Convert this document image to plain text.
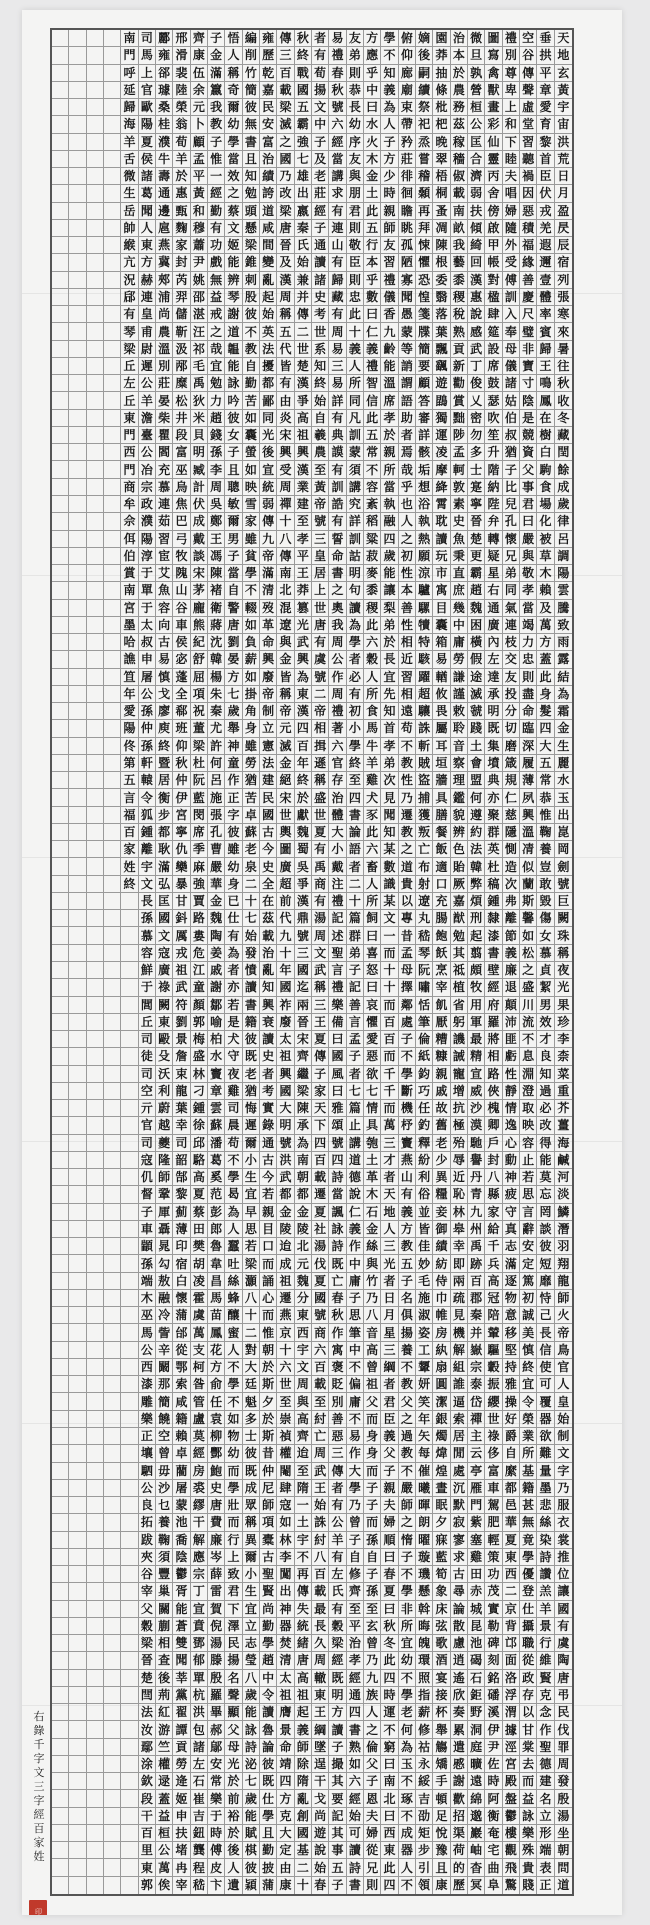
南 司 酈 邢 齊 子 悟 編 雍 傳 秋 者 易 友 方 學 俯 嫡 園 治 微 圖 禮 空 垂 天
門 馬 雍 滑 康 金 人 削 歷 三 終 有 禮 弟 應 不 仰 後 莽 本 旦 寫 別 谷 拱 地
呼 上 郤 裴 伍 滿 稱 竹 乾 百 戰 荀 春 則 乎 知 廊 嗣 抽 於 孰 禽 尊 傳 平 玄
延 官 璩 陸 余 籝 奇 簡 嘉 載 國 揚 秋 恭 中 義 廟 續 條 農 營 獸 卑 聲 章 黃
歸 歐 桑 榮 元 我 爾 彼 民 梁 五 文 號 長 曰 為 束 祭 枇 務 桓 畫 上 虛 愛 宇
海 陽 桂 翁 卜 教 幼 無 安 滅 霸 中 六 幼 水 人 帶 祀 杷 茲 公 彩 和 堂 育 宙
羊 夏 濮 荀 顧 子 學 書 富 之 強 子 經 序 火 子 矜 烝 晚 稼 匡 仙 下 習 黎 洪
舌 侯 牛 羊 孟 惟 當 且 治 國 七 及 當 友 木 方 莊 嘗 翠 穡 合 靈 睦 聽 首 荒
微 諸 壽 於 平 一 效 知 績 乃 雄 老 講 與 金 少 徘 稽 梧 俶 濟 丙 夫 禍 臣 日
生 葛 通 惠 黃 經 之 勉 誇 改 出 莊 求 朋 土 時 徊 顙 桐 載 弱 舍 唱 因 伏 月
岳 聞 邊 甄 和 勤 蔡 頭 道 梁 嬴 經 有 君 此 親 瞻 再 蚤 南 扶 傍 婦 惡 戎 盈
帥 人 扈 麴 穆 有 文 懸 咸 唐 秦 子 連 則 五 師 眺 拜 凋 畝 傾 啟 隨 積 羌 昃
緱 東 燕 家 蕭 功 姬 梁 間 晉 氏 通 山 敬 行 友 孤 悚 陳 我 綺 甲 外 福 遐 辰
亢 方 冀 封 尹 戲 能 錐 變 及 始 讀 有 臣 本 習 陋 懼 根 藝 回 帳 受 緣 邇 宿
況 赫 郟 芮 姚 無 辨 刺 亂 漢 兼 諸 歸 則 乎 禮 寡 恐 委 黍 漢 對 傅 善 壹 列
郈 連 浦 羿 邵 益 琴 股 起 周 并 史 藏 忠 數 儀 聞 惶 翳 稷 惠 楹 訓 慶 體 張
有 皇 尚 儲 湛 戒 謝 彼 始 稱 傳 考 有 此 曰 香 愚 箋 落 稅 說 肆 入 尺 率 寒
琴 甫 農 靳 汪 之 道 不 英 五 二 世 周 十 仁 九 蒙 牒 葉 熟 感 筵 奉 璧 賓 來
梁 尉 溫 汲 祁 哉 韞 教 法 代 世 系 易 義 義 齡 等 簡 飄 貢 武 設 母 非 歸 暑
丘 遲 別 邴 毛 宜 能 自 擾 皆 楚 知 三 人 禮 能 誚 要 颻 新 丁 席 儀 寶 王 往
左 公 莊 糜 禹 勉 詠 勤 都 有 漢 終 易 所 智 溫 謂 顧 遊 勸 俊 鼓 諸 寸 鳴 秋
丘 羊 晏 松 狄 力 吟 苦 鄙 由 爭 始 詳 同 信 席 語 答 鵾 賞 乂 瑟 姑 陰 鳳 收
東 澹 柴 井 米 趙 彼 如 同 炎 高 自 有 凡 此 孝 助 審 獨 黜 密 吹 伯 是 在 冬
門 臺 瞿 段 貝 錢 女 囊 光 宋 祖 羲 典 訓 五 於 者 詳 運 陟 勿 笙 叔 競 樹 藏
西 公 閻 富 明 孫 子 螢 後 興 興 農 謨 蒙 常 親 焉 骸 凌 孟 多 升 猶 資 白 閏
門 冶 充 巫 臧 李 且 如 宣 受 漢 至 有 須 不 所 哉 垢 摩 軻 士 階 子 父 駒 餘
商 宗 慕 烏 計 周 聰 映 統 周 業 黃 訓 講 容 當 乎 想 絳 敦 寔 納 比 事 食 成
牟 政 連 焦 伏 吳 敏 雪 弱 禪 建 帝 誥 究 紊 執 也 浴 霄 素 寧 陛 兒 君 場 歲
佘 濮 茹 巴 成 鄭 爾 家 傳 十 至 號 有 詳 稻 融 人 執 耽 史 晉 弁 孔 曰 化 律
佴 陽 習 弓 戴 王 男 雖 九 八 孝 三 誓 訓 粱 四 之 熱 讀 魚 楚 轉 懷 嚴 被 呂
伯 淳 宦 牧 談 馮 子 貧 帝 傳 平 皇 命 詁 菽 歲 初 願 玩 秉 更 疑 兄 與 草 調
賞 于 艾 隗 宋 陳 當 學 滿 南 王 居 書 明 麥 能 性 涼 市 直 霸 星 弟 敬 木 陽
南 單 魚 山 茅 褚 自 不 清 北 莽 上 之 句 黍 讓 本 驢 寓 庶 趙 右 同 孝 賴 雲
宮 于 容 谷 龐 衛 警 輟 歿 混 篡 世 奧 讀 稷 梨 善 騾 目 幾 魏 通 氣 當 及 騰
墨 太 向 車 熊 蔣 唐 如 革 遼 光 唐 我 為 此 弟 性 犢 囊 中 困 廣 連 竭 萬 致
哈 叔 古 侯 紀 沈 劉 負 命 與 武 有 周 學 六 於 相 特 箱 庸 橫 內 枝 力 方 雨
譙 申 易 宓 舒 韓 晏 薪 興 金 興 虞 公 者 穀 長 近 駭 易 勞 假 左 交 忠 蓋 露
笪 屠 慎 蓬 屈 楊 方 如 廢 皆 為 號 作 必 人 宜 習 躍 輶 謙 途 達 友 則 此 結
年 公 戈 全 項 朱 七 掛 帝 稱 東 二 周 有 所 先 相 超 攸 謹 滅 承 投 盡 身 為
愛 孫 廖 郗 祝 秦 歲 角 制 帝 漢 帝 禮 初 食 知 遠 驤 畏 敕 虢 明 分 命 髮 霜
陽 仲 庾 班 董 尤 舉 身 立 元 四 相 著 小 馬 首 苟 誅 屬 聆 踐 既 切 臨 四 金
佟 孫 終 仰 梁 許 神 雖 憲 滅 百 揖 六 學 牛 孝 不 斬 耳 音 土 集 磨 深 大 生
第 軒 暨 秋 杜 何 童 勞 法 金 年 遜 官 終 羊 弟 教 賊 垣 察 會 墳 箴 履 五 麗
五 轅 居 仲 阮 呂 作 猶 建 絕 終 稱 存 至 雞 次 性 盜 牆 理 盟 典 規 薄 常 水
言 令 衡 伊 藍 施 正 苦 民 宋 於 盛 治 四 犬 見 乃 捕 具 鑑 何 亦 仁 夙 恭 玉
福 狐 步 宮 閔 張 字 卓 國 世 獻 世 體 書 豕 聞 遷 獲 膳 貌 遵 聚 慈 興 惟 出
百 鍾 都 寧 席 孔 彼 蘇 古 輿 魏 夏 大 論 此 知 教 叛 餐 辨 約 群 隱 溫 鞠 崑
家 離 耿 仇 季 曹 雖 老 今 圖 蜀 有 小 語 六 某 之 亡 飯 色 法 英 惻 凊 養 岡
姓 宇 滿 欒 麻 嚴 幼 泉 史 廣 吳 禹 戴 者 畜 數 道 布 適 貽 韓 杜 造 似 豈 劍
終 文 弘 暴 強 華 身 二 全 超 爭 商 注 二 人 識 貴 射 口 厥 弊 稿 次 蘭 敢 號
長 匡 甘 賈 金 已 十 在 前 漢 有 禮 十 所 某 以 遼 充 嘉 煩 鍾 弗 斯 毀 巨
孫 國 鈄 路 魏 仕 七 茲 代 鼎 湯 記 篇 飼 文 專 丸 腸 猷 刑 隸 離 馨 傷 闕
慕 文 厲 婁 陶 有 始 載 九 號 周 述 群 曰 一 昔 嵇 飽 勉 起 漆 節 如 女 珠
容 寇 戎 危 姜 為 發 治 十 三 文 聖 弟 喜 而 孟 琴 飫 其 翦 書 義 松 慕 稱
鮮 廣 祖 江 戚 者 憤 亂 年 國 武 言 子 怒 十 母 阮 烹 祗 頗 壁 廉 之 貞 夜
于 祿 武 童 謝 亦 讀 知 國 迄 稱 禮 記 曰 十 擇 嘯 宰 植 牧 經 退 盛 絜 光
閭 闕 符 顏 鄒 若 書 興 祚 兩 三 樂 善 哀 而 鄰 恬 飢 省 用 府 顛 川 男 果
丘 東 劉 郭 喻 是 籍 衰 廢 晉 王 備 言 懼 百 處 筆 厭 躬 軍 羅 沛 流 效 珍
司 毆 景 梅 柏 犬 彼 讀 太 宋 夏 曰 孟 愛 百 子 倫 糟 譏 最 將 匪 不 才 李
徒 殳 詹 盛 水 守 既 史 祖 齊 傳 國 子 惡 而 不 紙 糠 誡 精 相 虧 息 良 柰
司 沃 束 林 竇 夜 老 者 興 繼 子 風 者 欲 千 學 鈞 親 寵 宣 路 性 淵 知 菜
空 利 龍 刁 章 雞 猶 考 國 梁 家 曰 七 七 千 斷 巧 戚 增 威 俠 靜 澄 過 重
亓 蔚 葉 鍾 雲 司 悔 實 大 陳 天 雅 篇 情 而 機 任 故 抗 沙 槐 情 取 必 芥
官 越 幸 徐 蘇 晨 遲 錄 明 承 下 頌 止 具 萬 杼 釣 舊 極 漠 卿 逸 映 改 薑
司 夔 司 邱 潘 苟 爾 通 號 為 四 號 講 匏 三 竇 釋 老 殆 馳 戶 心 容 得 海
寇 隆 韶 駱 葛 不 小 古 洪 南 百 四 道 土 才 燕 紛 少 辱 譽 封 動 止 能 鹹
仉 師 郜 高 奚 學 生 今 武 朝 載 詩 德 革 者 山 利 異 近 丹 八 神 若 莫 河
督 鞏 黎 夏 范 曷 宜 若 都 都 遷 當 說 木 天 有 俗 糧 恥 青 縣 疲 思 忘 淡
子 厙 薊 蔡 彭 為 早 親 金 金 夏 諷 仁 石 地 義 並 妾 林 九 家 守 言 罔 鱗
車 聶 薄 田 郎 人 思 目 陵 陵 社 詠 義 金 人 方 皆 御 皋 州 給 真 辭 談 潛
顓 晁 印 樊 魯 蠶 若 口 迨 北 湯 詩 作 絲 三 教 佳 績 幸 禹 千 志 安 彼 羽
孫 勾 宿 胡 韋 吐 梁 而 成 元 伐 既 中 與 光 五 妙 紡 即 跡 兵 滿 定 短 翔
端 敖 白 凌 昌 絲 灝 誦 祖 魏 夏 亡 庸 竹 者 子 毛 侍 兩 百 高 逐 篤 靡 龍
木 融 懷 霍 馬 蜂 八 心 遷 分 國 春 子 乃 日 名 施 巾 疏 郡 冠 物 初 恃 師
巫 冷 蒲 虞 苗 釀 十 而 燕 東 號 秋 思 八 月 俱 淑 帷 見 秦 陪 意 誠 己 火
馬 訾 邰 萬 鳳 蜜 二 惟 京 西 商 作 筆 音 星 揚 姿 房 機 并 輦 移 美 長 帝
公 辛 從 支 花 人 對 朝 十 宇 六 寓 中 高 三 養 工 紈 解 嶽 驅 堅 慎 信 鳥
西 闞 鄂 柯 方 不 大 於 六 文 百 褒 不 曾 綱 不 顰 扇 組 宗 轂 持 終 使 官
漆 那 索 昝 俞 學 廷 斯 世 周 載 貶 偏 祖 者 教 妍 圓 誰 泰 振 雅 宜 可 人
雕 簡 咸 管 任 不 魁 夕 至 與 至 別 庸 父 君 父 笑 潔 逼 岱 纓 操 令 覆 皇
樂 饒 籍 盧 袁 如 多 於 崇 高 紂 善 不 而 臣 之 年 銀 索 禪 世 好 榮 器 始
正 空 賴 莫 柳 物 士 斯 禎 齊 亡 惡 易 身 義 過 矢 燭 居 主 祿 爵 業 欲 制
壤 曾 卓 經 酆 幼 彼 昔 權 迨 周 三 作 身 父 教 每 煒 閒 云 侈 自 所 難 文
駟 毋 藺 房 鮑 而 既 仲 閹 至 武 傳 大 而 子 不 催 煌 處 亭 富 縻 基 量 字
公 沙 屠 裘 史 學 成 尼 肆 隋 王 者 學 子 親 嚴 曦 晝 沉 雁 車 都 籍 墨 乃
良 乜 蒙 繆 唐 壯 眾 師 寇 一 始 有 乃 子 夫 師 暉 眠 默 門 駕 邑 甚 悲 服
拓 養 池 干 費 而 稱 項 如 土 誅 公 曾 而 婦 之 朗 夕 寂 紫 肥 華 無 絲 衣
跋 鞠 喬 解 廉 行 異 橐 林 宇 紂 羊 子 孫 順 惰 曜 寐 寥 塞 輕 夏 竟 染 裳
夾 須 陰 應 岑 上 爾 古 李 不 八 有 自 自 曰 子 璇 藍 求 雞 策 東 學 詩 推
谷 豐 鬱 宗 薛 致 小 聖 闖 再 百 左 修 子 春 不 璣 筍 古 田 功 西 優 讚 位
宰 巢 胥 丁 雷 君 生 賢 出 傳 載 氏 齊 孫 夏 學 懸 象 尋 赤 茂 二 登 羔 讓
父 關 能 宣 賀 下 宜 尚 神 失 最 有 至 至 曰 非 斡 床 論 城 實 京 仕 羊 國
穀 蒯 蒼 賁 倪 澤 立 勤 器 統 長 穀 平 玄 秋 所 晦 弦 散 昆 勒 背 攝 景 有
梁 相 雙 鄧 湯 民 志 學 焚 緒 久 梁 治 曾 冬 宜 魄 歌 慮 池 碑 邙 職 行 虞
晉 查 聞 郁 滕 揚 瑩 趙 清 唐 周 經 孝 乃 此 幼 環 酒 逍 碣 刻 面 從 維 陶
楚 後 莘 單 殷 名 八 中 太 高 轍 既 經 九 四 不 照 宴 遙 石 銘 洛 政 賢 唐
閆 荊 黨 杭 羅 聲 歲 令 祖 祖 東 明 通 族 時 學 指 接 欣 鉅 磻 浮 存 克 弔
法 紅 翟 洪 畢 顯 能 讀 膺 起 王 方 四 人 運 老 薪 杯 奏 野 溪 渭 以 念 民
汝 游 譚 包 郝 父 詠 魯 景 義 綱 讀 書 之 不 何 修 舉 累 洞 伊 據 甘 作 伐
鄢 竺 貢 諸 鄔 母 詩 論 命 師 墜 子 熟 倫 窮 為 祜 觴 遣 庭 尹 涇 棠 聖 罪
涂 權 勞 左 安 光 泌 彼 靖 除 逞 撮 如 父 曰 玉 永 矯 慼 曠 佐 宮 去 德 周
欽 逯 逄 石 常 於 七 既 四 隋 干 其 六 子 南 不 綏 手 謝 遠 時 殿 而 建 發
段 蓋 姬 崔 樂 前 歲 仕 方 亂 戈 要 經 恩 北 琢 吉 頓 歡 綿 阿 盤 益 名 殷
干 益 申 吉 于 裕 能 學 克 創 尚 記 始 夫 曰 不 劭 足 招 邈 衡 鬱 詠 立 湯
百 桓 扶 鈕 時 於 賦 且 大 國 遊 其 可 婦 西 成 矩 悅 渠 巖 奄 樓 樂 形 坐
里 公 堵 龔 傅 後 棋 勤 定 基 說 事 讀 從 東 器 步 豫 荷 岫 宅 觀 殊 端 朝
東 萬 冉 程 皮 人 彼 披 由 二 始 五 詩 兄 此 人 引 且 的 杳 曲 飛 貴 表 問
郭 俟 宰 嵇 卞 遺 穎 蒲 康 十 春 子 書 則 四 不 領 康 歷 冥 阜 驚 賤 正 道
右
錄
千
字
文
三
字
經
百
家
姓
印
